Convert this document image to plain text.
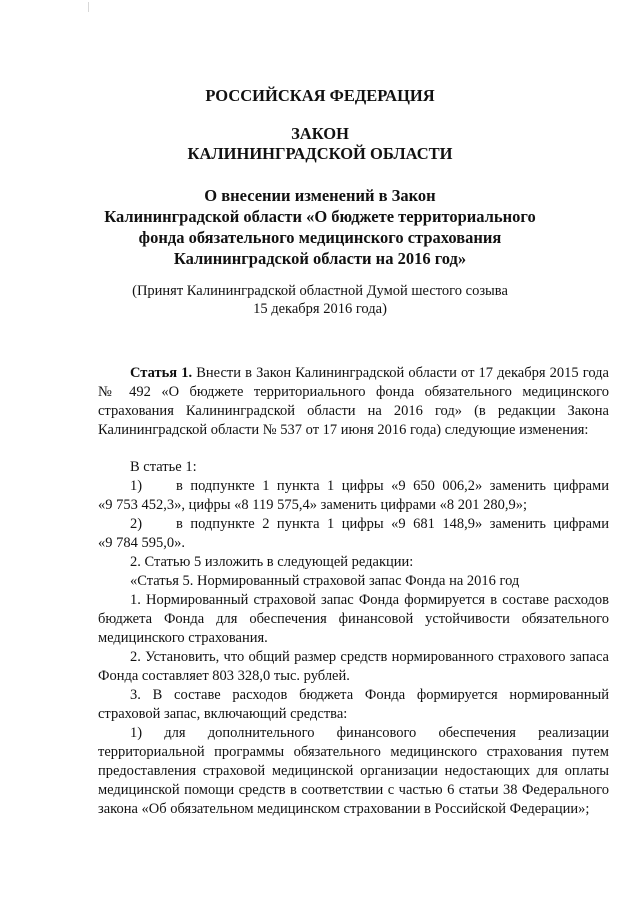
РОССИЙСКАЯ ФЕДЕРАЦИЯ
ЗАКОН
КАЛИНИНГРАДСКОЙ ОБЛАСТИ
О внесении изменений в Закон
Калининградской области «О бюджете территориального
фонда обязательного медицинского страхования
Калининградской области на 2016 год»
(Принят Калининградской областной Думой шестого созыва
15 декабря 2016 года)

Статья 1. Внести в Закон Калининградской области от 17 декабря 2015 года № 492 «О бюджете территориального фонда обязательного медицинского страхования Калининградской области на 2016 год» (в редакции Закона Калининградской области № 537 от 17 июня 2016 года) следующие изменения:

В статье 1:

1)	в подпункте 1 пункта 1 цифры «9 650 006,2» заменить цифрами

«9 753 452,3», цифры «8 119 575,4» заменить цифрами «8 201 280,9»;

2)	в подпункте 2 пункта 1 цифры «9 681 148,9» заменить цифрами

«9 784 595,0».

2. Статью 5 изложить в следующей редакции:

«Статья 5. Нормированный страховой запас Фонда на 2016 год

1. Нормированный страховой запас Фонда формируется в составе расходов бюджета Фонда для обеспечения финансовой устойчивости обязательного медицинского страхования.

2. Установить, что общий размер средств нормированного страхового запаса Фонда составляет 803 328,0 тыс. рублей.

3. В составе расходов бюджета Фонда формируется нормированный страховой запас, включающий средства:

1) для дополнительного финансового обеспечения реализации территориальной программы обязательного медицинского страхования путем предоставления страховой медицинской организации недостающих для оплаты медицинской помощи средств в соответствии с частью 6 статьи 38 Федерального закона «Об обязательном медицинском страховании в Российской Федерации»;
